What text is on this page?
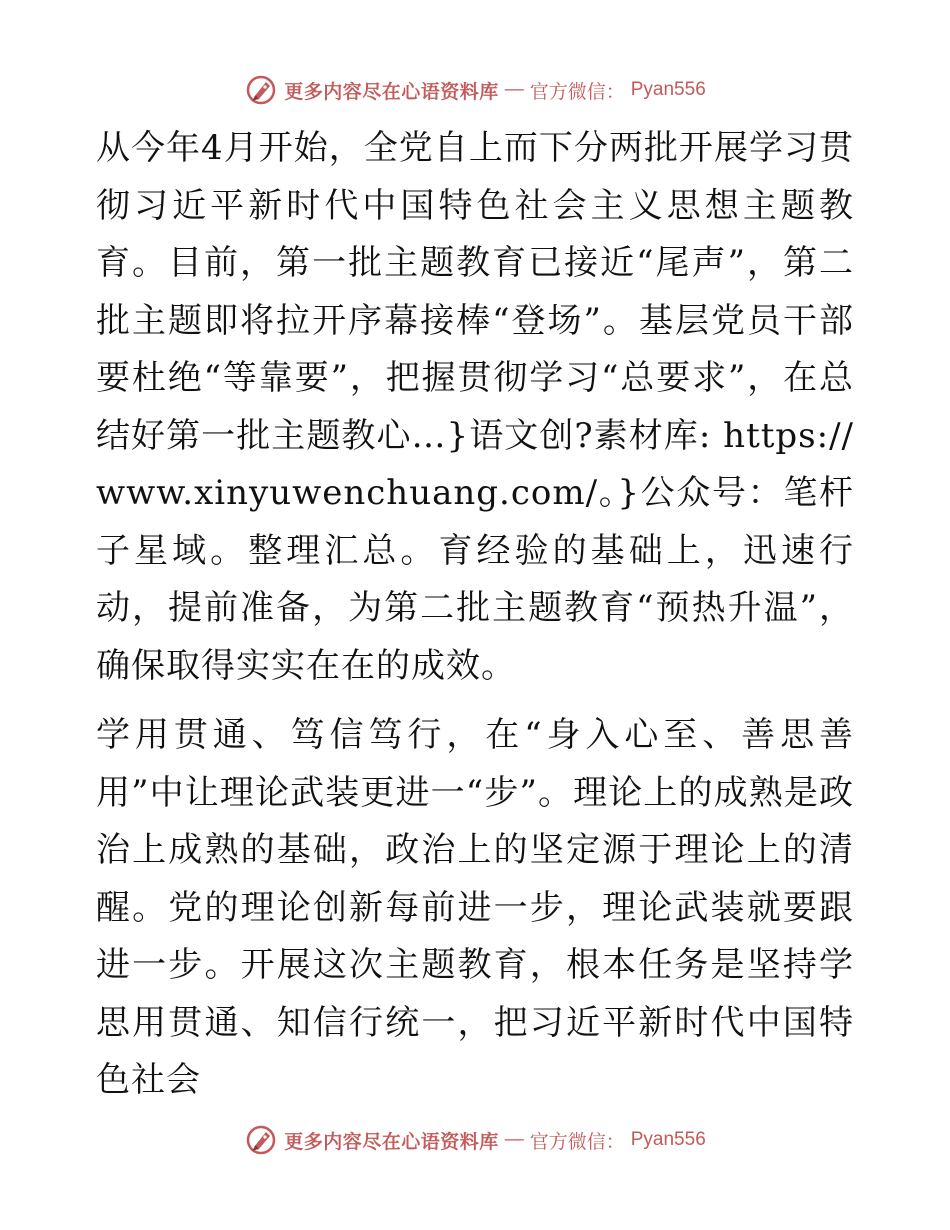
更多内容尽在心语资料库 — 官方微信： Pyan556

从今年4月开始，全党自上而下分两批开展学习贯彻习近平新时代中国特色社会主义思想主题教育。目前，第一批主题教育已接近“尾声”，第二批主题即将拉开序幕接棒“登场”。基层党员干部要杜绝“等靠要”，把握贯彻学习“总要求”，在总结好第一批主题教心…}语文创?素材库: https://www.xinyuwenchuang.com/。}公众号：笔杆子星域。整理汇总。育经验的基础上，迅速行动，提前准备，为第二批主题教育“预热升温”，确保取得实实在在的成效。

学用贯通、笃信笃行，在“身入心至、善思善用”中让理论武装更进一“步”。理论上的成熟是政治上成熟的基础，政治上的坚定源于理论上的清醒。党的理论创新每前进一步，理论武装就要跟进一步。开展这次主题教育，根本任务是坚持学思用贯通、知信行统一，把习近平新时代中国特色社会

更多内容尽在心语资料库 — 官方微信： Pyan556
